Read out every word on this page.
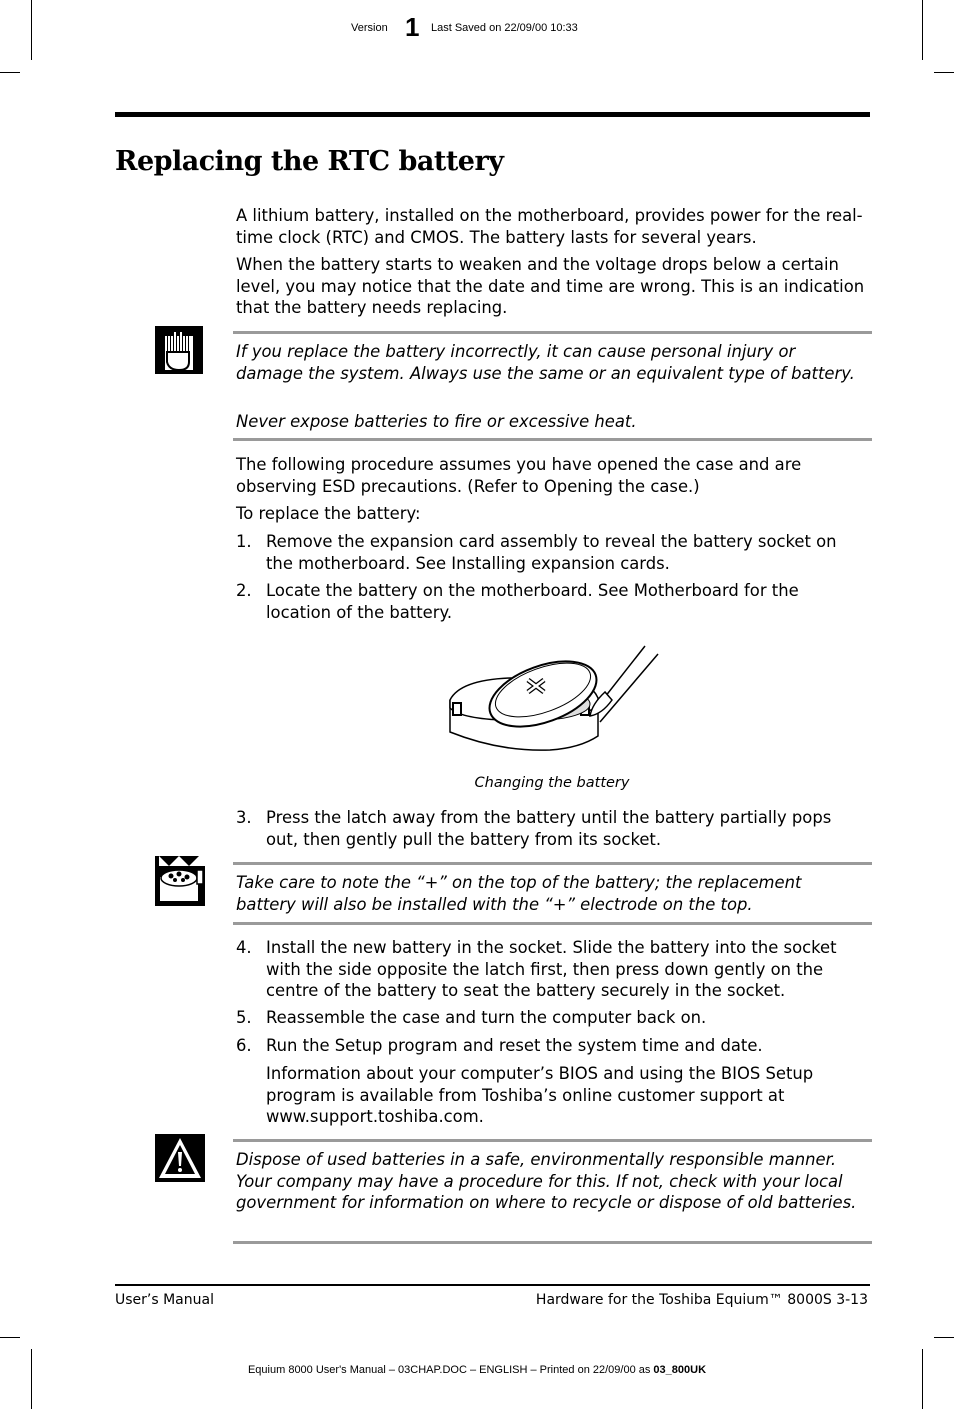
Version 1 Last Saved on 22/09/00 10:33
Replacing the RTC battery

A lithium battery, installed on the motherboard, provides power for the real-time clock (RTC) and CMOS. The battery lasts for several years.

When the battery starts to weaken and the voltage drops below a certain level, you may notice that the date and time are wrong. This is an indication that the battery needs replacing.

If you replace the battery incorrectly, it can cause personal injury or damage the system. Always use the same or an equivalent type of battery.

Never expose batteries to fire or excessive heat.

The following procedure assumes you have opened the case and are observing ESD precautions. (Refer to Opening the case.)

To replace the battery:

1. Remove the expansion card assembly to reveal the battery socket on the motherboard. See Installing expansion cards.
2. Locate the battery on the motherboard. See Motherboard for the location of the battery.
Changing the battery
3. Press the latch away from the battery until the battery partially pops out, then gently pull the battery from its socket.

Take care to note the “+” on the top of the battery; the replacement battery will also be installed with the “+” electrode on the top.

4. Install the new battery in the socket. Slide the battery into the socket with the side opposite the latch first, then press down gently on the centre of the battery to seat the battery securely in the socket.
5. Reassemble the case and turn the computer back on.
6. Run the Setup program and reset the system time and date.

Information about your computer’s BIOS and using the BIOS Setup program is available from Toshiba’s online customer support at www.support.toshiba.com.

Dispose of used batteries in a safe, environmentally responsible manner. Your company may have a procedure for this. If not, check with your local government for information on where to recycle or dispose of old batteries.

User’s Manual	Hardware for the Toshiba Equium™ 8000S 3-13
Equium 8000 User's Manual – 03CHAP.DOC – ENGLISH – Printed on 22/09/00 as 03_800UK
